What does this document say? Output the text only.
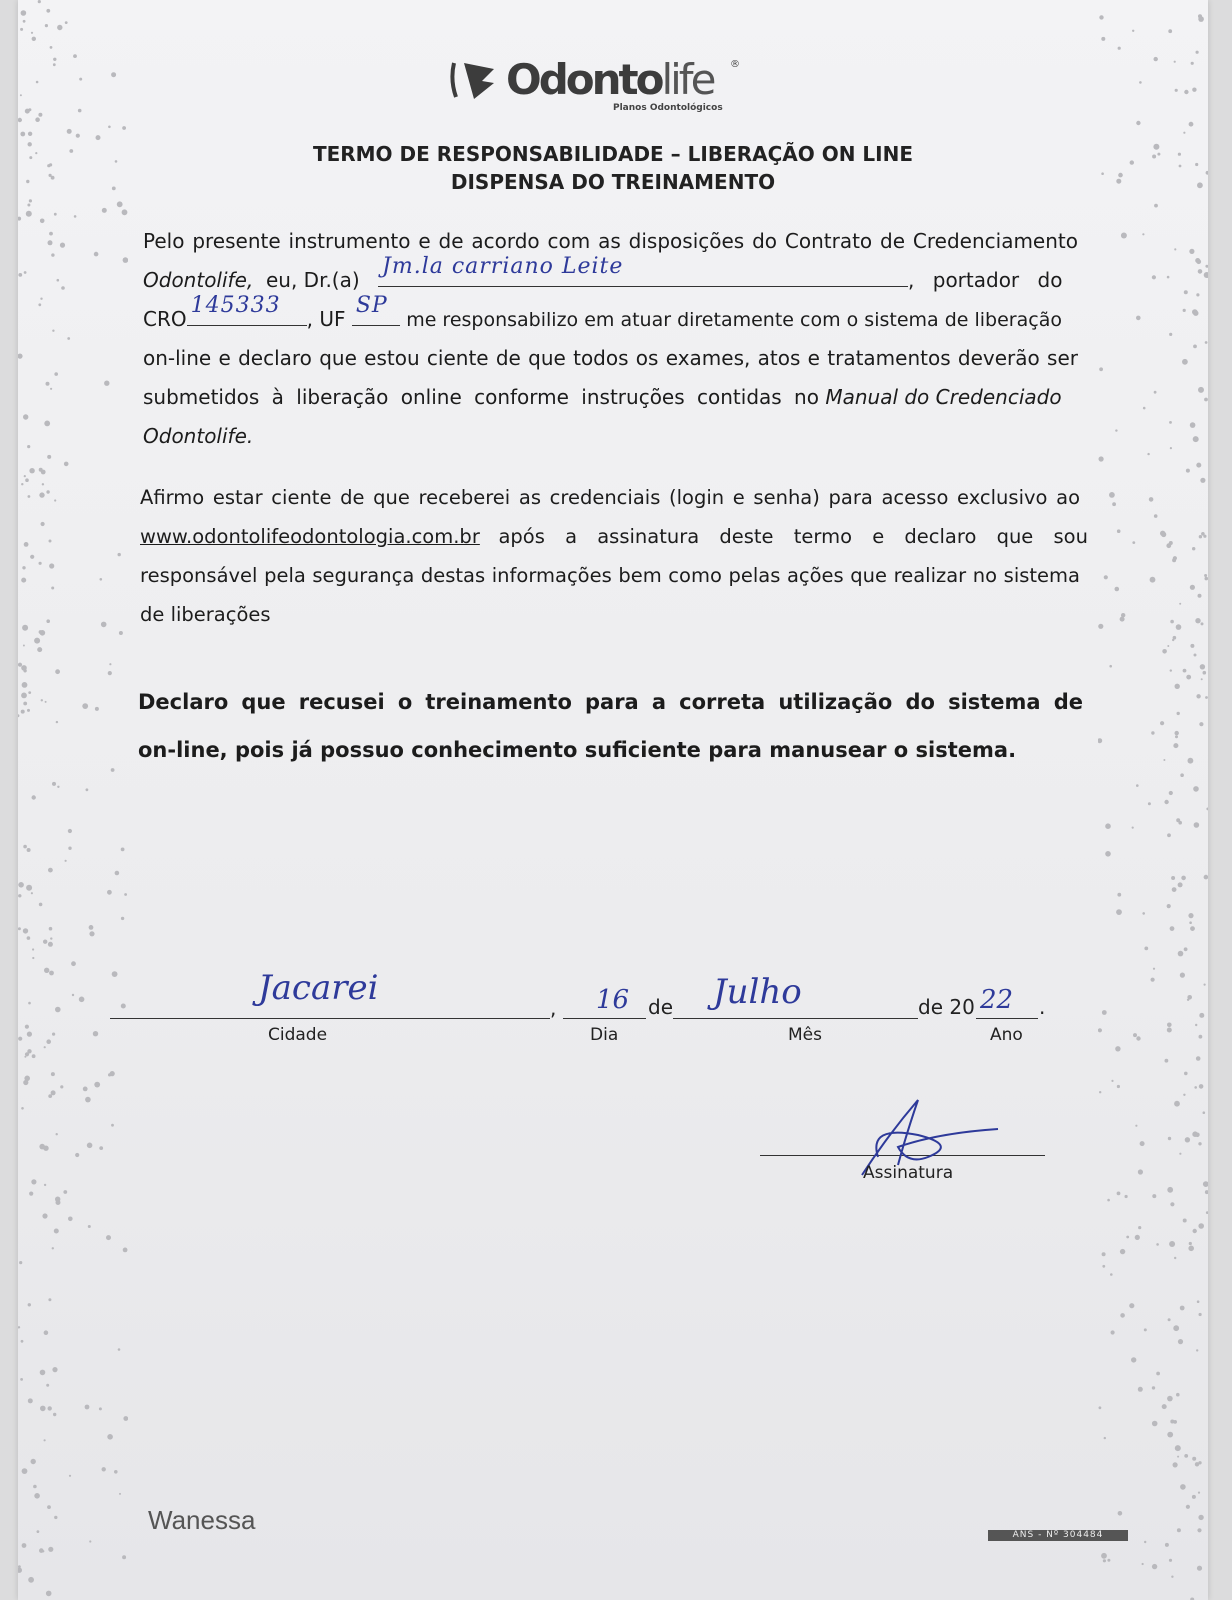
Odontolife ®
Planos Odontológicos
TERMO DE RESPONSABILIDADE – LIBERAÇÃO ON LINE
DISPENSA DO TREINAMENTO
Pelo presente instrumento e de acordo com as disposições do Contrato de Credenciamento
Odontolife, eu, Dr.(a)
Jm.la carriano Leite
, portador do
CRO
145333
, UF
SP
me responsabilizo em atuar diretamente com o sistema de liberação
on-line e declaro que estou ciente de que todos os exames, atos e tratamentos deverão ser
submetidos à liberação online conforme instruções contidas no Manual do Credenciado
Odontolife.
Afirmo estar ciente de que receberei as credenciais (login e senha) para acesso exclusivo ao
www.odontolifeodontologia.com.br após a assinatura deste termo e declaro que sou
responsável pela segurança destas informações bem como pelas ações que realizar no sistema
de liberações
Declaro que recusei o treinamento para a correta utilização do sistema de
on-line, pois já possuo conhecimento suficiente para manusear o sistema.
Jacarei
Cidade
, 16
Dia
de Julho
Mês
de 20 22 .
Ano
Assinatura
Wanessa	ANS - Nº 304484
